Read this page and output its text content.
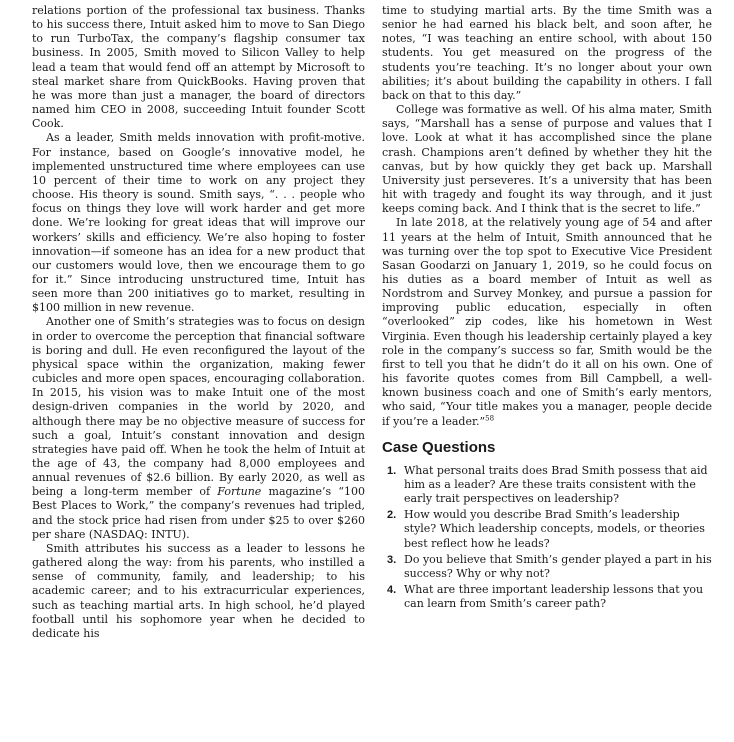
relations portion of the professional tax business. Thanks to his success there, Intuit asked him to move to San Diego to run TurboTax, the company’s flagship consumer tax business. In 2005, Smith moved to Silicon Valley to help lead a team that would fend off an attempt by Microsoft to steal market share from QuickBooks. Having proven that he was more than just a manager, the board of directors named him CEO in 2008, succeeding Intuit founder Scott Cook.

As a leader, Smith melds innovation with profit-motive. For instance, based on Google’s innovative model, he implemented unstructured time where employees can use 10 percent of their time to work on any project they choose. His theory is sound. Smith says, “. . . people who focus on things they love will work harder and get more done. We’re looking for great ideas that will improve our workers’ skills and efficiency. We’re also hoping to foster innovation—if someone has an idea for a new product that our customers would love, then we encourage them to go for it.” Since introducing unstructured time, Intuit has seen more than 200 initiatives go to market, resulting in $100 million in new revenue.

Another one of Smith’s strategies was to focus on design in order to overcome the perception that financial software is boring and dull. He even reconfigured the layout of the physical space within the organization, making fewer cubicles and more open spaces, encouraging collaboration. In 2015, his vision was to make Intuit one of the most design-driven companies in the world by 2020, and although there may be no objective measure of success for such a goal, Intuit’s constant innovation and design strategies have paid off. When he took the helm of Intuit at the age of 43, the company had 8,000 employees and annual revenues of $2.6 billion. By early 2020, as well as being a long-term member of Fortune magazine’s “100 Best Places to Work,” the company’s revenues had tripled, and the stock price had risen from under $25 to over $260 per share (NASDAQ: INTU).

Smith attributes his success as a leader to lessons he gathered along the way: from his parents, who instilled a sense of community, family, and leadership; to his academic career; and to his extracurricular experiences, such as teaching martial arts. In high school, he’d played football until his sophomore year when he decided to dedicate his

time to studying martial arts. By the time Smith was a senior he had earned his black belt, and soon after, he notes, “I was teaching an entire school, with about 150 students. You get measured on the progress of the students you’re teaching. It’s no longer about your own abilities; it’s about building the capability in others. I fall back on that to this day.”

College was formative as well. Of his alma mater, Smith says, “Marshall has a sense of purpose and values that I love. Look at what it has accomplished since the plane crash. Champions aren’t defined by whether they hit the canvas, but by how quickly they get back up. Marshall University just perseveres. It’s a university that has been hit with tragedy and fought its way through, and it just keeps coming back. And I think that is the secret to life.”

In late 2018, at the relatively young age of 54 and after 11 years at the helm of Intuit, Smith announced that he was turning over the top spot to Executive Vice President Sasan Goodarzi on January 1, 2019, so he could focus on his duties as a board member of Intuit as well as Nordstrom and Survey Monkey, and pursue a passion for improving public education, especially in often “overlooked” zip codes, like his hometown in West Virginia. Even though his leadership certainly played a key role in the company’s success so far, Smith would be the first to tell you that he didn’t do it all on his own. One of his favorite quotes comes from Bill Campbell, a well-known business coach and one of Smith’s early mentors, who said, “Your title makes you a manager, people decide if you’re a leader.”$^{58}$

Case Questions
1. What personal traits does Brad Smith possess that aid him as a leader? Are these traits consistent with the early trait perspectives on leadership?
2. How would you describe Brad Smith’s leadership style? Which leadership concepts, models, or theories best reflect how he leads?
3. Do you believe that Smith’s gender played a part in his success? Why or why not?
4. What are three important leadership lessons that you can learn from Smith’s career path?
